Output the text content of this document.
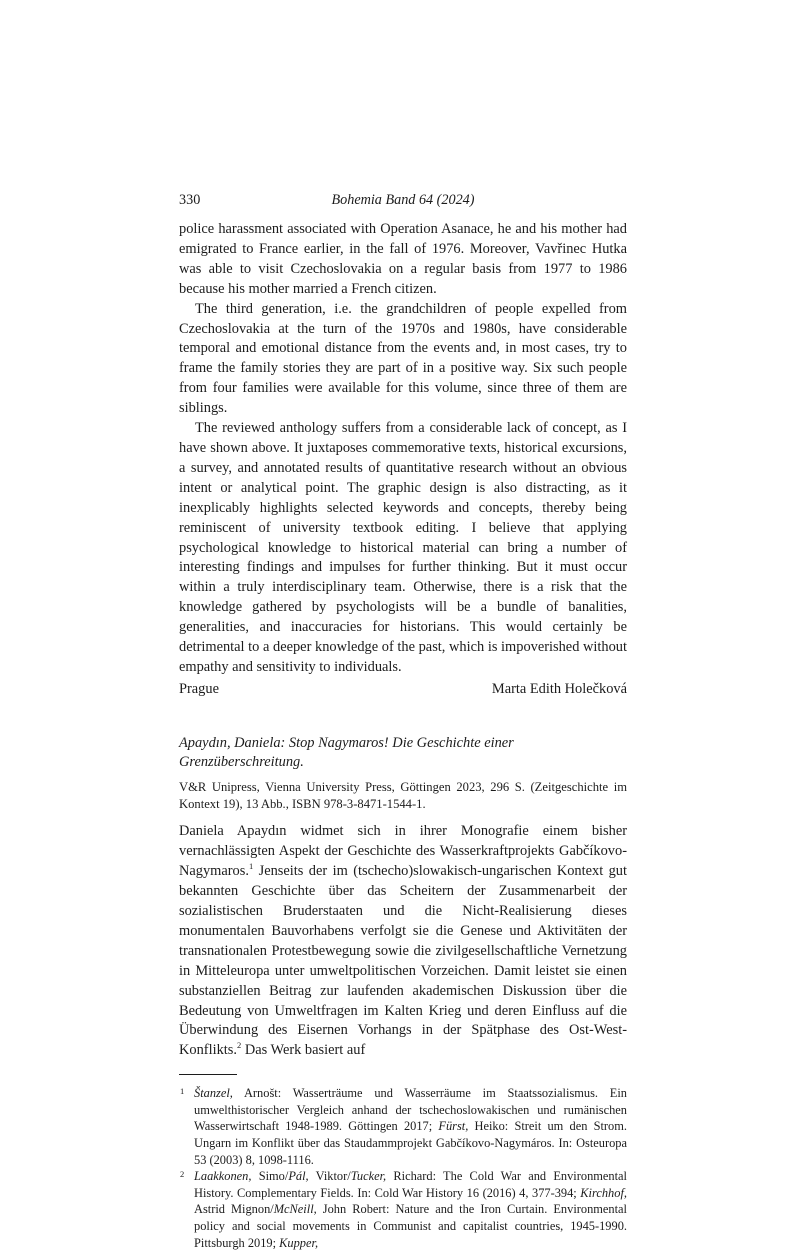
330	Bohemia Band 64 (2024)

police harassment associated with Operation Asanace, he and his mother had emigrated to France earlier, in the fall of 1976. Moreover, Vavřinec Hutka was able to visit Czechoslovakia on a regular basis from 1977 to 1986 because his mother married a French citizen.

The third generation, i.e. the grandchildren of people expelled from Czechoslovakia at the turn of the 1970s and 1980s, have considerable temporal and emotional distance from the events and, in most cases, try to frame the family stories they are part of in a positive way. Six such people from four families were available for this volume, since three of them are siblings.

The reviewed anthology suffers from a considerable lack of concept, as I have shown above. It juxtaposes commemorative texts, historical excursions, a survey, and annotated results of quantitative research without an obvious intent or analytical point. The graphic design is also distracting, as it inexplicably highlights selected keywords and concepts, thereby being reminiscent of university textbook editing. I believe that applying psychological knowledge to historical material can bring a number of interesting findings and impulses for further thinking. But it must occur within a truly interdisciplinary team. Otherwise, there is a risk that the knowledge gathered by psychologists will be a bundle of banalities, generalities, and inaccuracies for historians. This would certainly be detrimental to a deeper knowledge of the past, which is impoverished without empathy and sensitivity to individuals.

Prague	Marta Edith Holečková
Apaydın, Daniela: Stop Nagymaros! Die Geschichte einer Grenzüberschreitung.
V&R Unipress, Vienna University Press, Göttingen 2023, 296 S. (Zeitgeschichte im Kontext 19), 13 Abb., ISBN 978-3-8471-1544-1.

Daniela Apaydın widmet sich in ihrer Monografie einem bisher vernachlässigten Aspekt der Geschichte des Wasserkraftprojekts Gabčíkovo-Nagymaros.$^1$ Jenseits der im (tschecho)slowakisch-ungarischen Kontext gut bekannten Geschichte über das Scheitern der Zusammenarbeit der sozialistischen Bruderstaaten und die Nicht-Realisierung dieses monumentalen Bauvorhabens verfolgt sie die Genese und Aktivitäten der transnationalen Protestbewegung sowie die zivilgesellschaftliche Vernetzung in Mitteleuropa unter umweltpolitischen Vorzeichen. Damit leistet sie einen substanziellen Beitrag zur laufenden akademischen Diskussion über die Bedeutung von Umweltfragen im Kalten Krieg und deren Einfluss auf die Überwindung des Eisernen Vorhangs in der Spätphase des Ost-West-Konflikts.$^2$ Das Werk basiert auf

1 Štanzel, Arnošt: Wasserträume und Wasserräume im Staatssozialismus. Ein umwelthistorischer Vergleich anhand der tschechoslowakischen und rumänischen Wasserwirtschaft 1948-1989. Göttingen 2017; Fürst, Heiko: Streit um den Strom. Ungarn im Konflikt über das Staudammprojekt Gabčíkovo-Nagymáros. In: Osteuropa 53 (2003) 8, 1098-1116.
2 Laakkonen, Simo/Pál, Viktor/Tucker, Richard: The Cold War and Environmental History. Complementary Fields. In: Cold War History 16 (2016) 4, 377-394; Kirchhof, Astrid Mignon/McNeill, John Robert: Nature and the Iron Curtain. Environmental policy and social movements in Communist and capitalist countries, 1945-1990. Pittsburgh 2019; Kupper,
